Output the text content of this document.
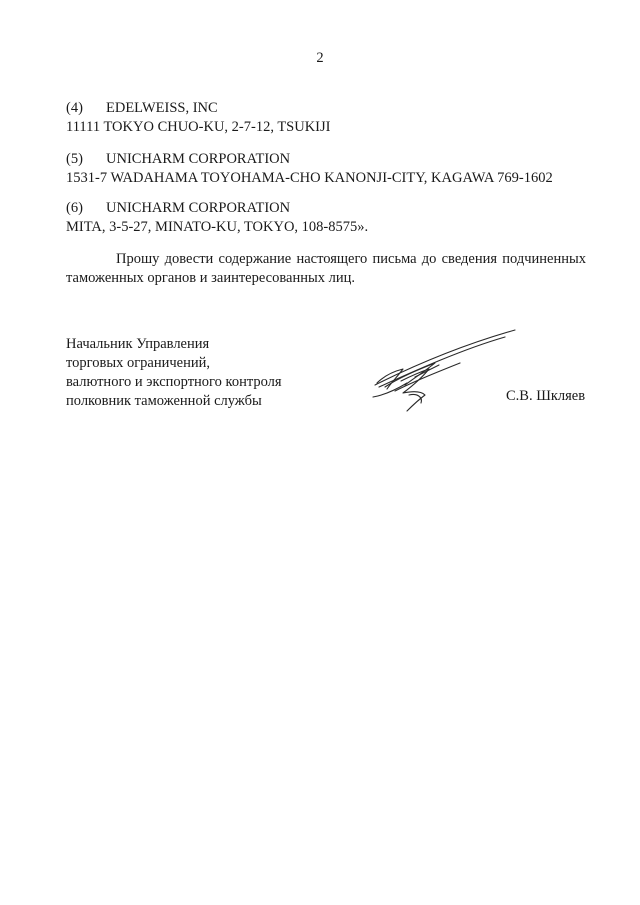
2
(4) EDELWEISS, INC
11111 TOKYO CHUO-KU, 2-7-12, TSUKIJI
(5) UNICHARM CORPORATION
1531-7 WADAHAMA TOYOHAMA-CHO KANONJI-CITY, KAGAWA 769-1602
(6) UNICHARM CORPORATION
MITA, 3-5-27, MINATO-KU, TOKYO, 108-8575».
Прошу довести содержание настоящего письма до сведения подчиненных таможенных органов и заинтересованных лиц.
Начальник Управления
торговых ограничений,
валютного и экспортного контроля
полковник таможенной службы	С.В. Шкляев
